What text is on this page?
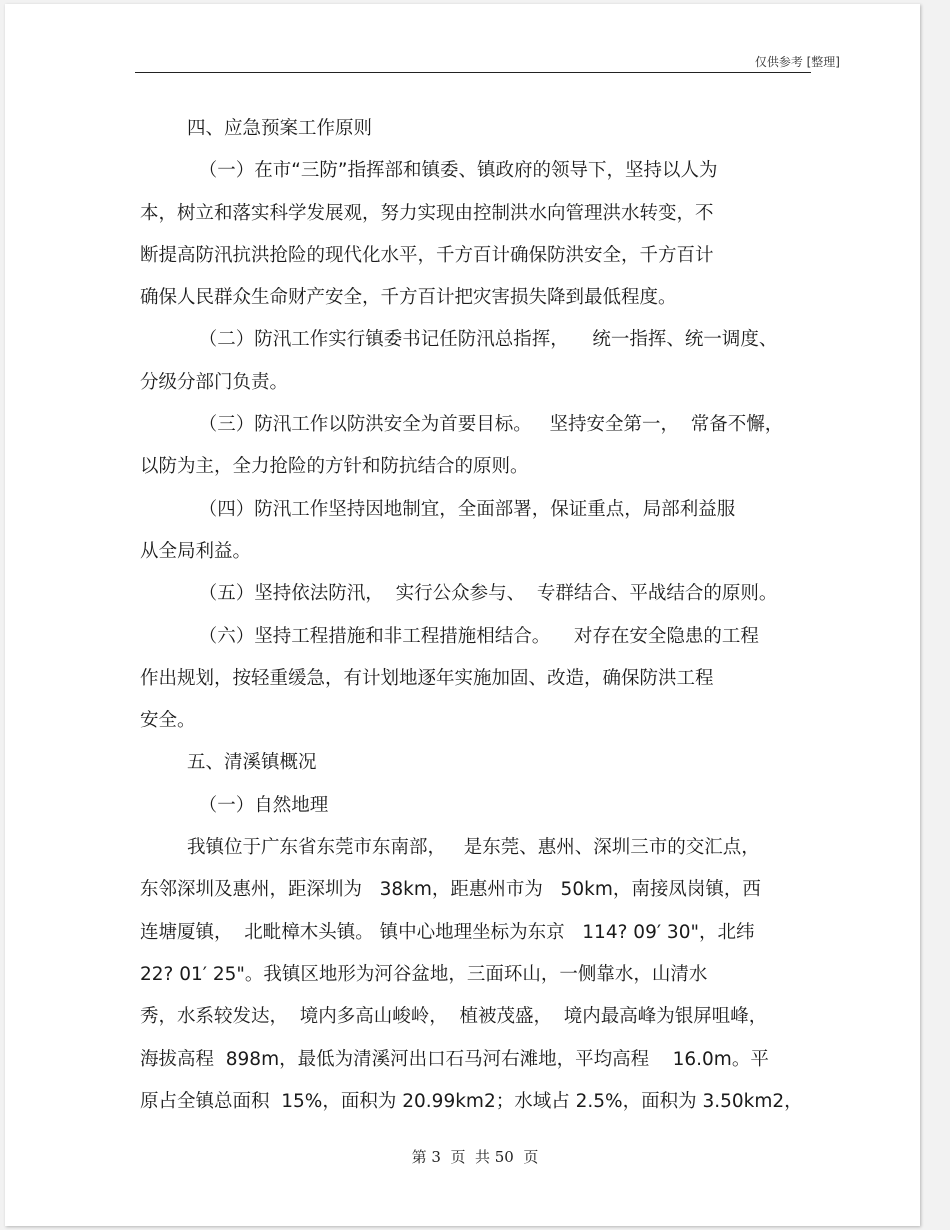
仅供参考 [整理]
四、应急预案工作原则
（一）在市“三防”指挥部和镇委、镇政府的领导下，坚持以人为
本，树立和落实科学发展观，努力实现由控制洪水向管理洪水转变，不
断提高防汛抗洪抢险的现代化水平，千方百计确保防洪安全，千方百计
确保人民群众生命财产安全，千方百计把灾害损失降到最低程度。
（二）防汛工作实行镇委书记任防汛总指挥，    统一指挥、统一调度、
分级分部门负责。
（三）防汛工作以防洪安全为首要目标。   坚持安全第一，  常备不懈，
以防为主，全力抢险的方针和防抗结合的原则。
（四）防汛工作坚持因地制宜，全面部署，保证重点，局部利益服
从全局利益。
（五）坚持依法防汛，  实行公众参与、  专群结合、平战结合的原则。
（六）坚持工程措施和非工程措施相结合。    对存在安全隐患的工程
作出规划，按轻重缓急，有计划地逐年实施加固、改造，确保防洪工程
安全。
五、清溪镇概况
（一）自然地理
我镇位于广东省东莞市东南部，   是东莞、惠州、深圳三市的交汇点，
东邻深圳及惠州，距深圳为   38km，距惠州市为   50km，南接凤岗镇，西
连塘厦镇，  北毗樟木头镇。 镇中心地理坐标为东京   114? 09′ 30"，北纬
22? 01′ 25"。我镇区地形为河谷盆地，三面环山，一侧靠水，山清水
秀，水系较发达，  境内多高山峻岭，  植被茂盛，  境内最高峰为银屏咀峰，
海拔高程  898m，最低为清溪河出口石马河右滩地，平均高程    16.0m。平
原占全镇总面积  15%，面积为 20.99km2；水域占 2.5%，面积为 3.50km2，
第 3  页  共 50  页
